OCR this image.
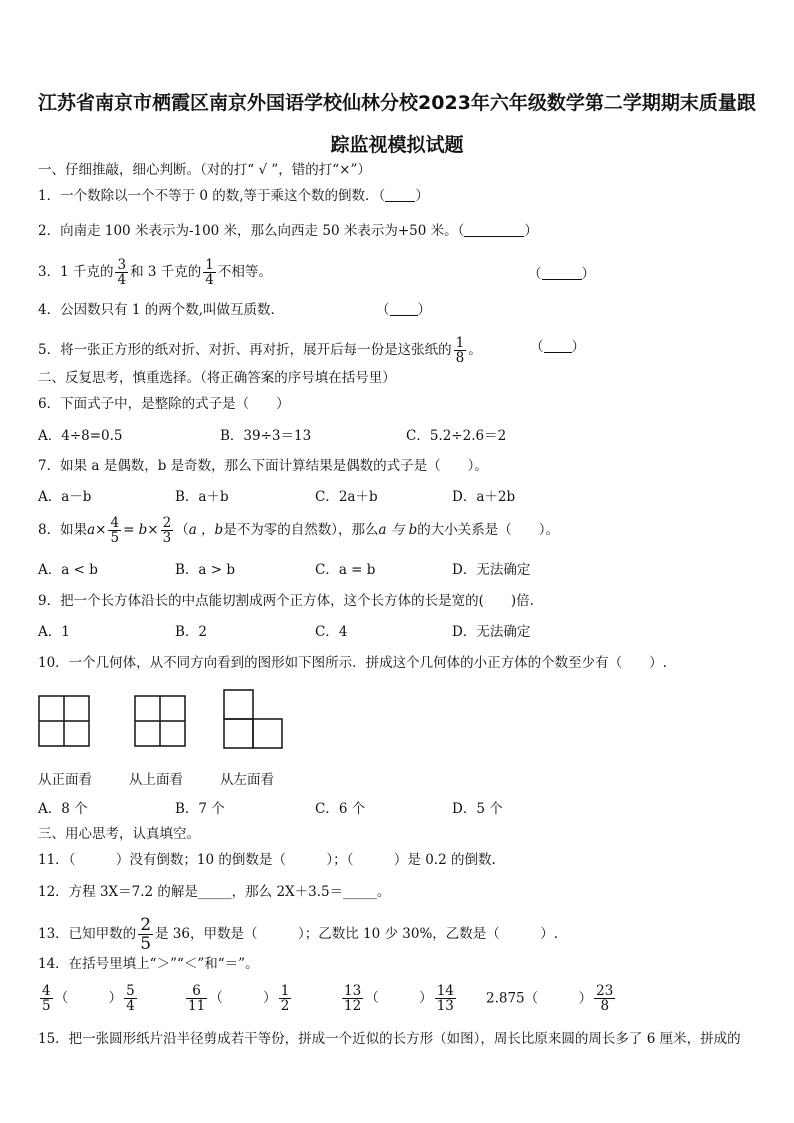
江苏省南京市栖霞区南京外国语学校仙林分校2023年六年级数学第二学期期末质量跟
踪监视模拟试题
一、仔细推敲，细心判断。（对的打“ √ ”，错的打“×”）
1．一个数除以一个不等于 0 的数,等于乘这个数的倒数．（ ）
2．向南走 100 米表示为-100 米，那么向西走 50 米表示为+50 米。（	）
3．1 千克的 $\frac{3}{4}$ 和 3 千克的 $\frac{1}{4}$ 不相等。	（	）
4．公因数只有 1 的两个数,叫做互质数．	（ ）
5．将一张正方形的纸对折、对折、再对折，展开后每一份是这张纸的 $\frac{1}{8}$ 。	（ ）
二、反复思考，慎重选择。（将正确答案的序号填在括号里）
6．下面式子中，是整除的式子是（　　）
A．4÷8=0.5	B．39÷3＝13	C．5.2÷2.6＝2
7．如果 a 是偶数，b 是奇数，那么下面计算结果是偶数的式子是（　　）。
A．a－b	B．a＋b	C．2a＋b	D．a＋2b
8．如果$a\times \frac{4}{5} = b\times \frac{2}{3} (a$ ，b是不为零的自然数），那么a 与 b的大小关系是（　　）。
A．a < b	B．a > b	C．a = b	D．无法确定
9．把一个长方体沿长的中点能切割成两个正方体，这个长方体的长是宽的(　　)倍.
A．1	B．2	C．4	D．无法确定
10．一个几何体，从不同方向看到的图形如下图所示．拼成这个几何体的小正方体的个数至少有（　　）.
从正面看	从上面看	从左面看
A．8 个	B．7 个	C．6 个	D．5 个
三、用心思考，认真填空。
11．（　　　）没有倒数；10 的倒数是（　　　）；（　　　）是 0.2 的倒数.
12．方程 3X＝7.2 的解是_____，那么 2X＋3.5＝_____。
13．已知甲数的 $\frac{2}{5}$ 是 36，甲数是（　　　）；乙数比 10 少 30%，乙数是（　　　）.
14．在括号里填上“＞”“＜”和“＝”。
$\frac{4}{5}$ （　　　） $\frac{5}{4}$	$\frac{6}{11}$ （　　　） $\frac{1}{2}$	$\frac{13}{12}$ （　　　） $\frac{14}{13} 2.875$（　　　） $\frac{23}{8}$
15．把一张圆形纸片沿半径剪成若干等份，拼成一个近似的长方形（如图），周长比原来圆的周长多了 6 厘米，拼成的
